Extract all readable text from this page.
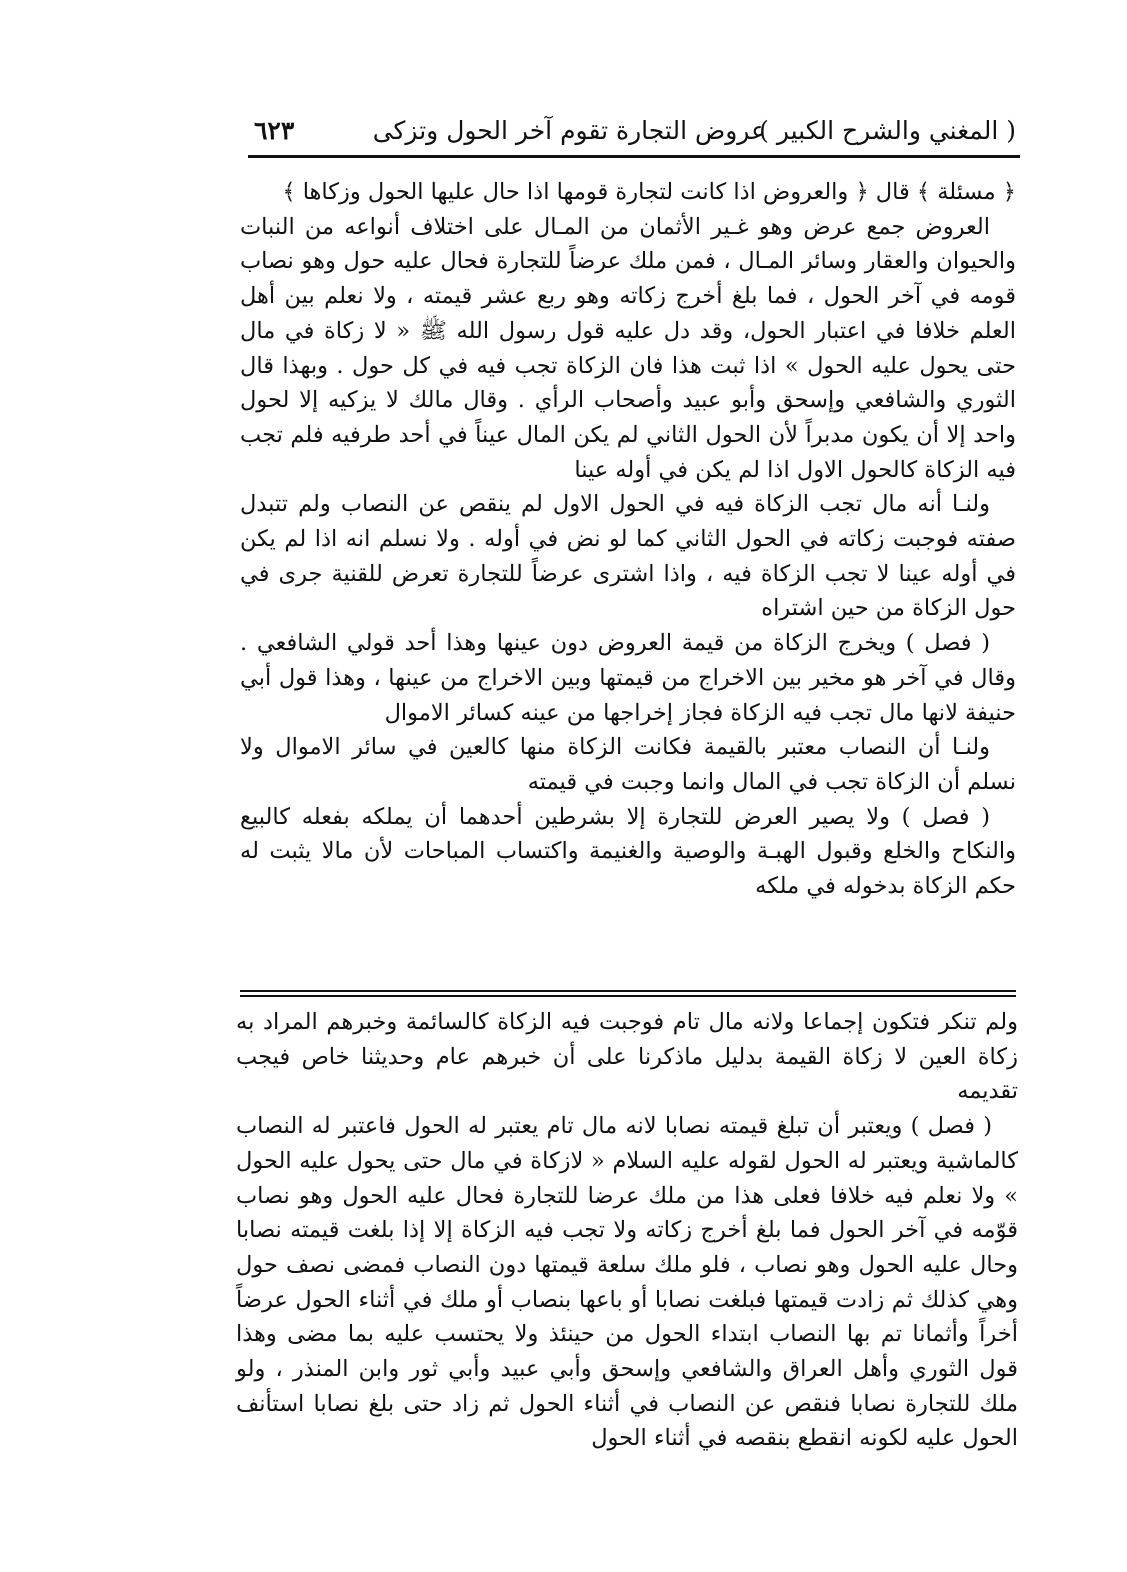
( المغني والشرح الكبير )
عروض التجارة تقوم آخر الحول وتزكى
٦٢٣

﴿ مسئلة ﴾ قال ﴿ والعروض اذا كانت لتجارة قومها اذا حال عليها الحول وزكاها ﴾

العروض جمع عرض وهو غـير الأثمان من المـال على اختلاف أنواعه من النبات والحيوان والعقار وسائر المـال ، فمن ملك عرضاً للتجارة فحال عليه حول وهو نصاب قومه في آخر الحول ، فما بلغ أخرج زكاته وهو ربع عشر قيمته ، ولا نعلم بين أهل العلم خلافا في اعتبار الحول، وقد دل عليه قول رسول الله ﷺ « لا زكاة في مال حتى يحول عليه الحول » اذا ثبت هذا فان الزكاة تجب فيه في كل حول . وبهذا قال الثوري والشافعي وإسحق وأبو عبيد وأصحاب الرأي . وقال مالك لا يزكيه إلا لحول واحد إلا أن يكون مدبراً لأن الحول الثاني لم يكن المال عيناً في أحد طرفيه فلم تجب فيه الزكاة كالحول الاول اذا لم يكن في أوله عينا

ولنـا أنه مال تجب الزكاة فيه في الحول الاول لم ينقص عن النصاب ولم تتبدل صفته فوجبت زكاته في الحول الثاني كما لو نض في أوله . ولا نسلم انه اذا لم يكن في أوله عينا لا تجب الزكاة فيه ، واذا اشترى عرضاً للتجارة تعرض للقنية جرى في حول الزكاة من حين اشتراه

( فصل ) ويخرج الزكاة من قيمة العروض دون عينها وهذا أحد قولي الشافعي . وقال في آخر هو مخير بين الاخراج من قيمتها وبين الاخراج من عينها ، وهذا قول أبي حنيفة لانها مال تجب فيه الزكاة فجاز إخراجها من عينه كسائر الاموال

ولنـا أن النصاب معتبر بالقيمة فكانت الزكاة منها كالعين في سائر الاموال ولا نسلم أن الزكاة تجب في المال وانما وجبت في قيمته

( فصل ) ولا يصير العرض للتجارة إلا بشرطين أحدهما أن يملكه بفعله كالبيع والنكاح والخلع وقبول الهبـة والوصية والغنيمة واكتساب المباحات لأن مالا يثبت له حكم الزكاة بدخوله في ملكه

ولم تنكر فتكون إجماعا ولانه مال تام فوجبت فيه الزكاة كالسائمة وخبرهم المراد به زكاة العين لا زكاة القيمة بدليل ماذكرنا على أن خبرهم عام وحديثنا خاص فيجب تقديمه

( فصل ) ويعتبر أن تبلغ قيمته نصابا لانه مال تام يعتبر له الحول فاعتبر له النصاب كالماشية ويعتبر له الحول لقوله عليه السلام « لازكاة في مال حتى يحول عليه الحول » ولا نعلم فيه خلافا فعلى هذا من ملك عرضا للتجارة فحال عليه الحول وهو نصاب قوّمه في آخر الحول فما بلغ أخرج زكاته ولا تجب فيه الزكاة إلا إذا بلغت قيمته نصابا وحال عليه الحول وهو نصاب ، فلو ملك سلعة قيمتها دون النصاب فمضى نصف حول وهي كذلك ثم زادت قيمتها فبلغت نصابا أو باعها بنصاب أو ملك في أثناء الحول عرضاً أخراً وأثمانا تم بها النصاب ابتداء الحول من حينئذ ولا يحتسب عليه بما مضى وهذا قول الثوري وأهل العراق والشافعي وإسحق وأبي عبيد وأبي ثور وابن المنذر ، ولو ملك للتجارة نصابا فنقص عن النصاب في أثناء الحول ثم زاد حتى بلغ نصابا استأنف الحول عليه لكونه انقطع بنقصه في أثناء الحول
